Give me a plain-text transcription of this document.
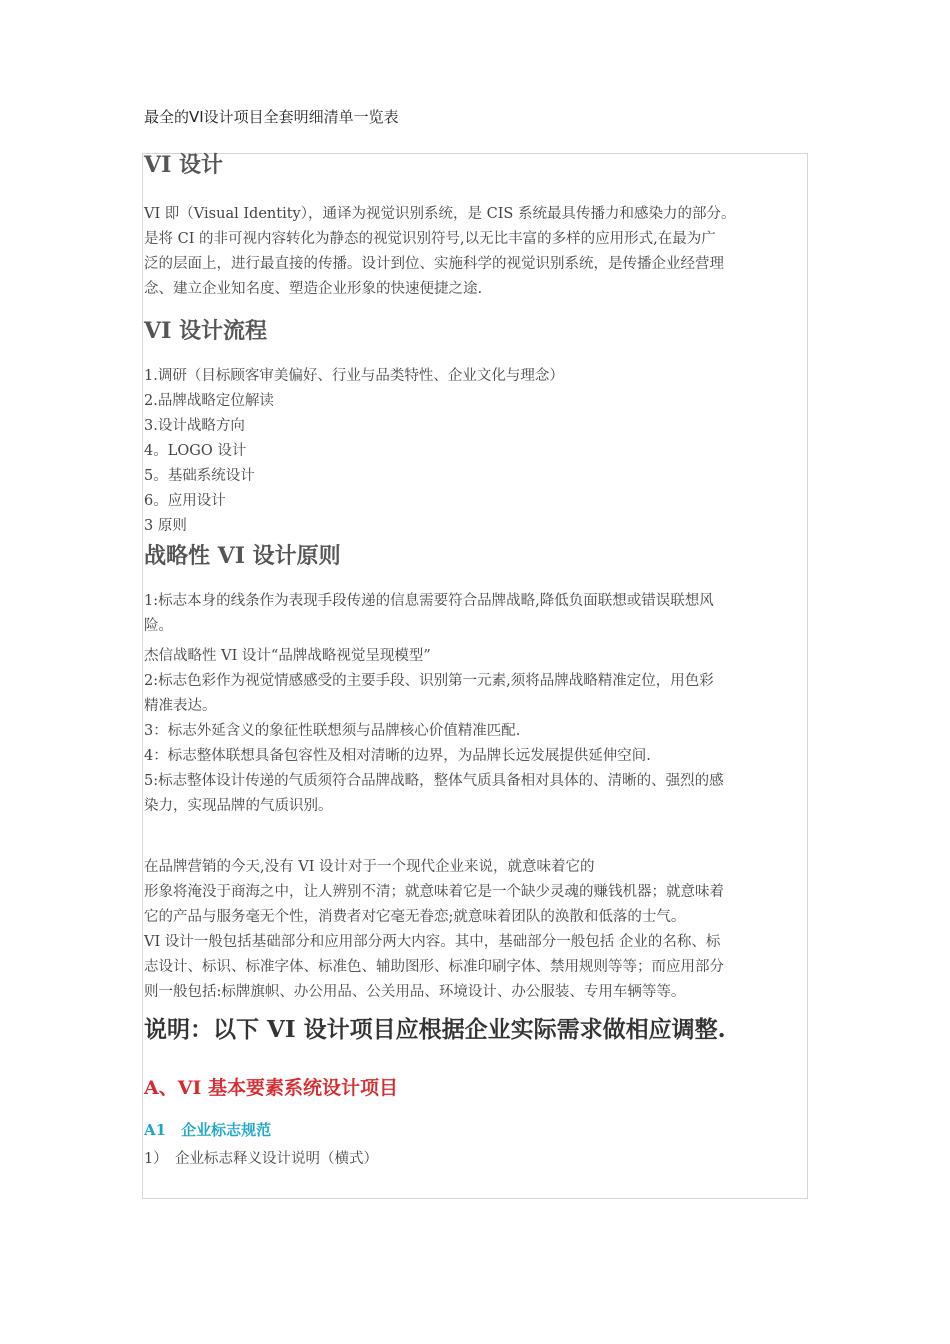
最全的VI设计项目全套明细清单一览表
VI 设计

VI 即（Visual Identity），通译为视觉识别系统，是 CIS 系统最具传播力和感染力的部分。

是将 CI 的非可视内容转化为静态的视觉识别符号,以无比丰富的多样的应用形式,在最为广

泛的层面上，进行最直接的传播。设计到位、实施科学的视觉识别系统，是传播企业经营理

念、建立企业知名度、塑造企业形象的快速便捷之途.

VI 设计流程
1.调研（目标顾客审美偏好、行业与品类特性、企业文化与理念）
2.品牌战略定位解读
3.设计战略方向
4。LOGO 设计
5。基础系统设计
6。应用设计
3 原则
战略性 VI 设计原则

1:标志本身的线条作为表现手段传递的信息需要符合品牌战略,降低负面联想或错误联想风

险。

杰信战略性 VI 设计“品牌战略视觉呈现模型”

2:标志色彩作为视觉情感感受的主要手段、识别第一元素,须将品牌战略精准定位，用色彩

精准表达。

3：标志外延含义的象征性联想须与品牌核心价值精准匹配.

4：标志整体联想具备包容性及相对清晰的边界，为品牌长远发展提供延伸空间.

5:标志整体设计传递的气质须符合品牌战略，整体气质具备相对具体的、清晰的、强烈的感

染力，实现品牌的气质识别。

在品牌营销的今天,没有 VI 设计对于一个现代企业来说，就意味着它的

形象将淹没于商海之中，让人辨别不清；就意味着它是一个缺少灵魂的赚钱机器；就意味着

它的产品与服务毫无个性，消费者对它毫无眷恋;就意味着团队的涣散和低落的士气。

VI 设计一般包括基础部分和应用部分两大内容。其中，基础部分一般包括 企业的名称、标

志设计、标识、标准字体、标准色、辅助图形、标准印刷字体、禁用规则等等；而应用部分

则一般包括:标牌旗帜、办公用品、公关用品、环境设计、办公服装、专用车辆等等。

说明：以下 VI 设计项目应根据企业实际需求做相应调整.
A、VI 基本要素系统设计项目
A1　企业标志规范

1）　企业标志释义设计说明（横式）
